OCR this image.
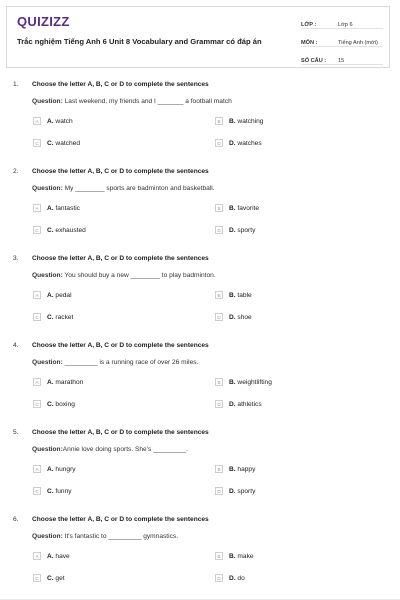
QUIZIZZ
Trắc nghiệm Tiếng Anh 6 Unit 8 Vocabulary and Grammar có đáp án
LỚP :	Lớp 6
MÔN :	Tiếng Anh (mới)
SỐ CÂU :	15
1. Choose the letter A, B, C or D to complete the sentences
Question: Last weekend, my friends and I _______ a football match
A	A. watch	B	B. watching
C	C. watched	D	D. watches
2. Choose the letter A, B, C or D to complete the sentences
Question: My ________ sports are badminton and basketball.
A	A. fantastic	B	B. favorite
C	C. exhausted	D	D. sporty
3. Choose the letter A, B, C or D to complete the sentences
Question: You should buy a new ________ to play badminton.
A	A. pedal	B	B. table
C	C. racket	D	D. shoe
4. Choose the letter A, B, C or D to complete the sentences
Question: _________ is a running race of over 26 miles.
A	A. marathon	B	B. weightlifting
C	C. boxing	D	D. athletics
5. Choose the letter A, B, C or D to complete the sentences
Question:Annie love doing sports. She's _________.
A	A. hungry	B	B. happy
C	C. funny	D	D. sporty
6. Choose the letter A, B, C or D to complete the sentences
Question: It's fantastic to _________ gymnastics.
A	A. have	B	B. make
C	C. get	D	D. do
